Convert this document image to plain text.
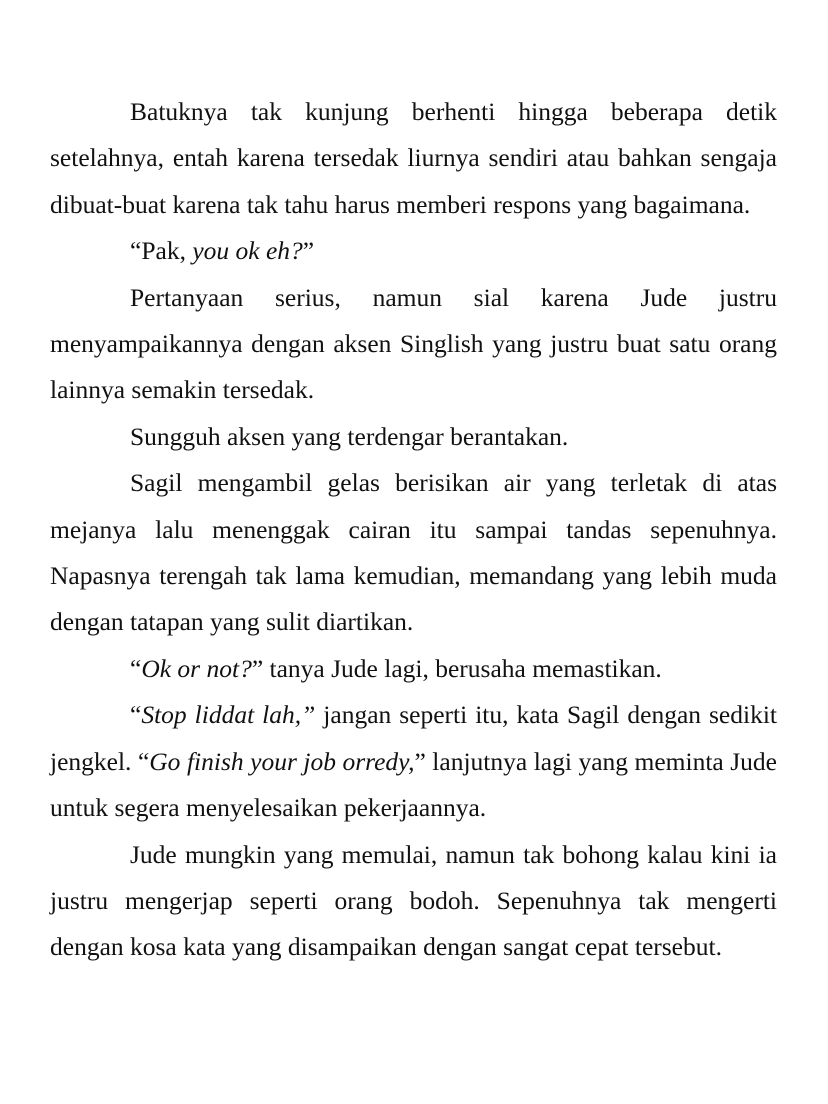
Batuknya tak kunjung berhenti hingga beberapa detik setelahnya, entah karena tersedak liurnya sendiri atau bahkan sengaja dibuat-buat karena tak tahu harus memberi respons yang bagaimana.

“Pak, you ok eh?”

Pertanyaan serius, namun sial karena Jude justru menyampaikannya dengan aksen Singlish yang justru buat satu orang lainnya semakin tersedak.

Sungguh aksen yang terdengar berantakan.

Sagil mengambil gelas berisikan air yang terletak di atas mejanya lalu menenggak cairan itu sampai tandas sepenuhnya. Napasnya terengah tak lama kemudian, memandang yang lebih muda dengan tatapan yang sulit diartikan.

“Ok or not?” tanya Jude lagi, berusaha memastikan.

“Stop liddat lah,” jangan seperti itu, kata Sagil dengan sedikit jengkel. “Go finish your job orredy,” lanjutnya lagi yang meminta Jude untuk segera menyelesaikan pekerjaannya.

Jude mungkin yang memulai, namun tak bohong kalau kini ia justru mengerjap seperti orang bodoh. Sepenuhnya tak mengerti dengan kosa kata yang disampaikan dengan sangat cepat tersebut.
